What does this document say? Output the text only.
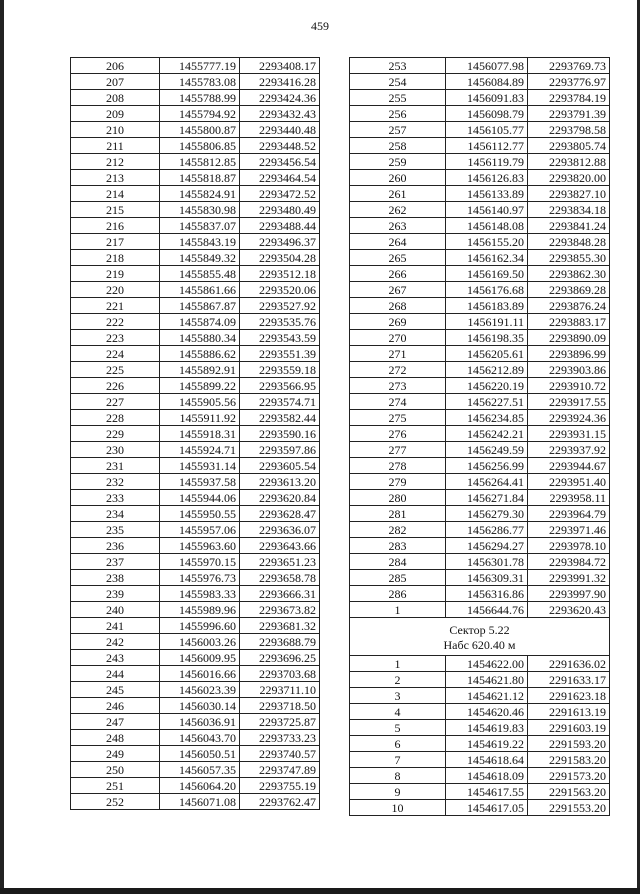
459
206	1455777.19	2293408.17
207	1455783.08	2293416.28
208	1455788.99	2293424.36
209	1455794.92	2293432.43
210	1455800.87	2293440.48
211	1455806.85	2293448.52
212	1455812.85	2293456.54
213	1455818.87	2293464.54
214	1455824.91	2293472.52
215	1455830.98	2293480.49
216	1455837.07	2293488.44
217	1455843.19	2293496.37
218	1455849.32	2293504.28
219	1455855.48	2293512.18
220	1455861.66	2293520.06
221	1455867.87	2293527.92
222	1455874.09	2293535.76
223	1455880.34	2293543.59
224	1455886.62	2293551.39
225	1455892.91	2293559.18
226	1455899.22	2293566.95
227	1455905.56	2293574.71
228	1455911.92	2293582.44
229	1455918.31	2293590.16
230	1455924.71	2293597.86
231	1455931.14	2293605.54
232	1455937.58	2293613.20
233	1455944.06	2293620.84
234	1455950.55	2293628.47
235	1455957.06	2293636.07
236	1455963.60	2293643.66
237	1455970.15	2293651.23
238	1455976.73	2293658.78
239	1455983.33	2293666.31
240	1455989.96	2293673.82
241	1455996.60	2293681.32
242	1456003.26	2293688.79
243	1456009.95	2293696.25
244	1456016.66	2293703.68
245	1456023.39	2293711.10
246	1456030.14	2293718.50
247	1456036.91	2293725.87
248	1456043.70	2293733.23
249	1456050.51	2293740.57
250	1456057.35	2293747.89
251	1456064.20	2293755.19
252	1456071.08	2293762.47
253	1456077.98	2293769.73
254	1456084.89	2293776.97
255	1456091.83	2293784.19
256	1456098.79	2293791.39
257	1456105.77	2293798.58
258	1456112.77	2293805.74
259	1456119.79	2293812.88
260	1456126.83	2293820.00
261	1456133.89	2293827.10
262	1456140.97	2293834.18
263	1456148.08	2293841.24
264	1456155.20	2293848.28
265	1456162.34	2293855.30
266	1456169.50	2293862.30
267	1456176.68	2293869.28
268	1456183.89	2293876.24
269	1456191.11	2293883.17
270	1456198.35	2293890.09
271	1456205.61	2293896.99
272	1456212.89	2293903.86
273	1456220.19	2293910.72
274	1456227.51	2293917.55
275	1456234.85	2293924.36
276	1456242.21	2293931.15
277	1456249.59	2293937.92
278	1456256.99	2293944.67
279	1456264.41	2293951.40
280	1456271.84	2293958.11
281	1456279.30	2293964.79
282	1456286.77	2293971.46
283	1456294.27	2293978.10
284	1456301.78	2293984.72
285	1456309.31	2293991.32
286	1456316.86	2293997.90
1	1456644.76	2293620.43

Сектор 5.22
Набс 620.40 м		

1	1454622.00	2291636.02
2	1454621.80	2291633.17
3	1454621.12	2291623.18
4	1454620.46	2291613.19
5	1454619.83	2291603.19
6	1454619.22	2291593.20
7	1454618.64	2291583.20
8	1454618.09	2291573.20
9	1454617.55	2291563.20
10	1454617.05	2291553.20
